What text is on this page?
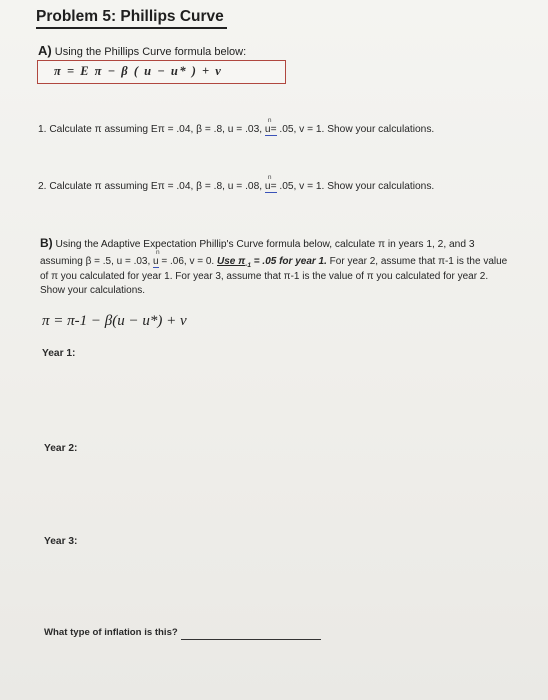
Problem 5: Phillips Curve
A) Using the Phillips Curve formula below:
π = E π − β ( u − u* ) + v
1. Calculate π assuming Eπ = .04, β = .8, u = .03,
n
u= .05, v = 1. Show your calculations.
2. Calculate π assuming Eπ = .04, β = .8, u = .08,
n
u= .05, v = 1. Show your calculations.
B) Using the Adaptive Expectation Phillip's Curve formula below, calculate π in years 1, 2, and 3
assuming β = .5, u = .03,
n
u = .06, v = 0. Use $\pi_{-1} = .05$ for year 1. For year 2, assume that π-1 is the value
of π you calculated for year 1. For year 3, assume that π-1 is the value of π you calculated for year 2.
Show your calculations.
π = π-1 − β(u − u*) + v
Year 1:
Year 2:
Year 3:
What type of inflation is this?
